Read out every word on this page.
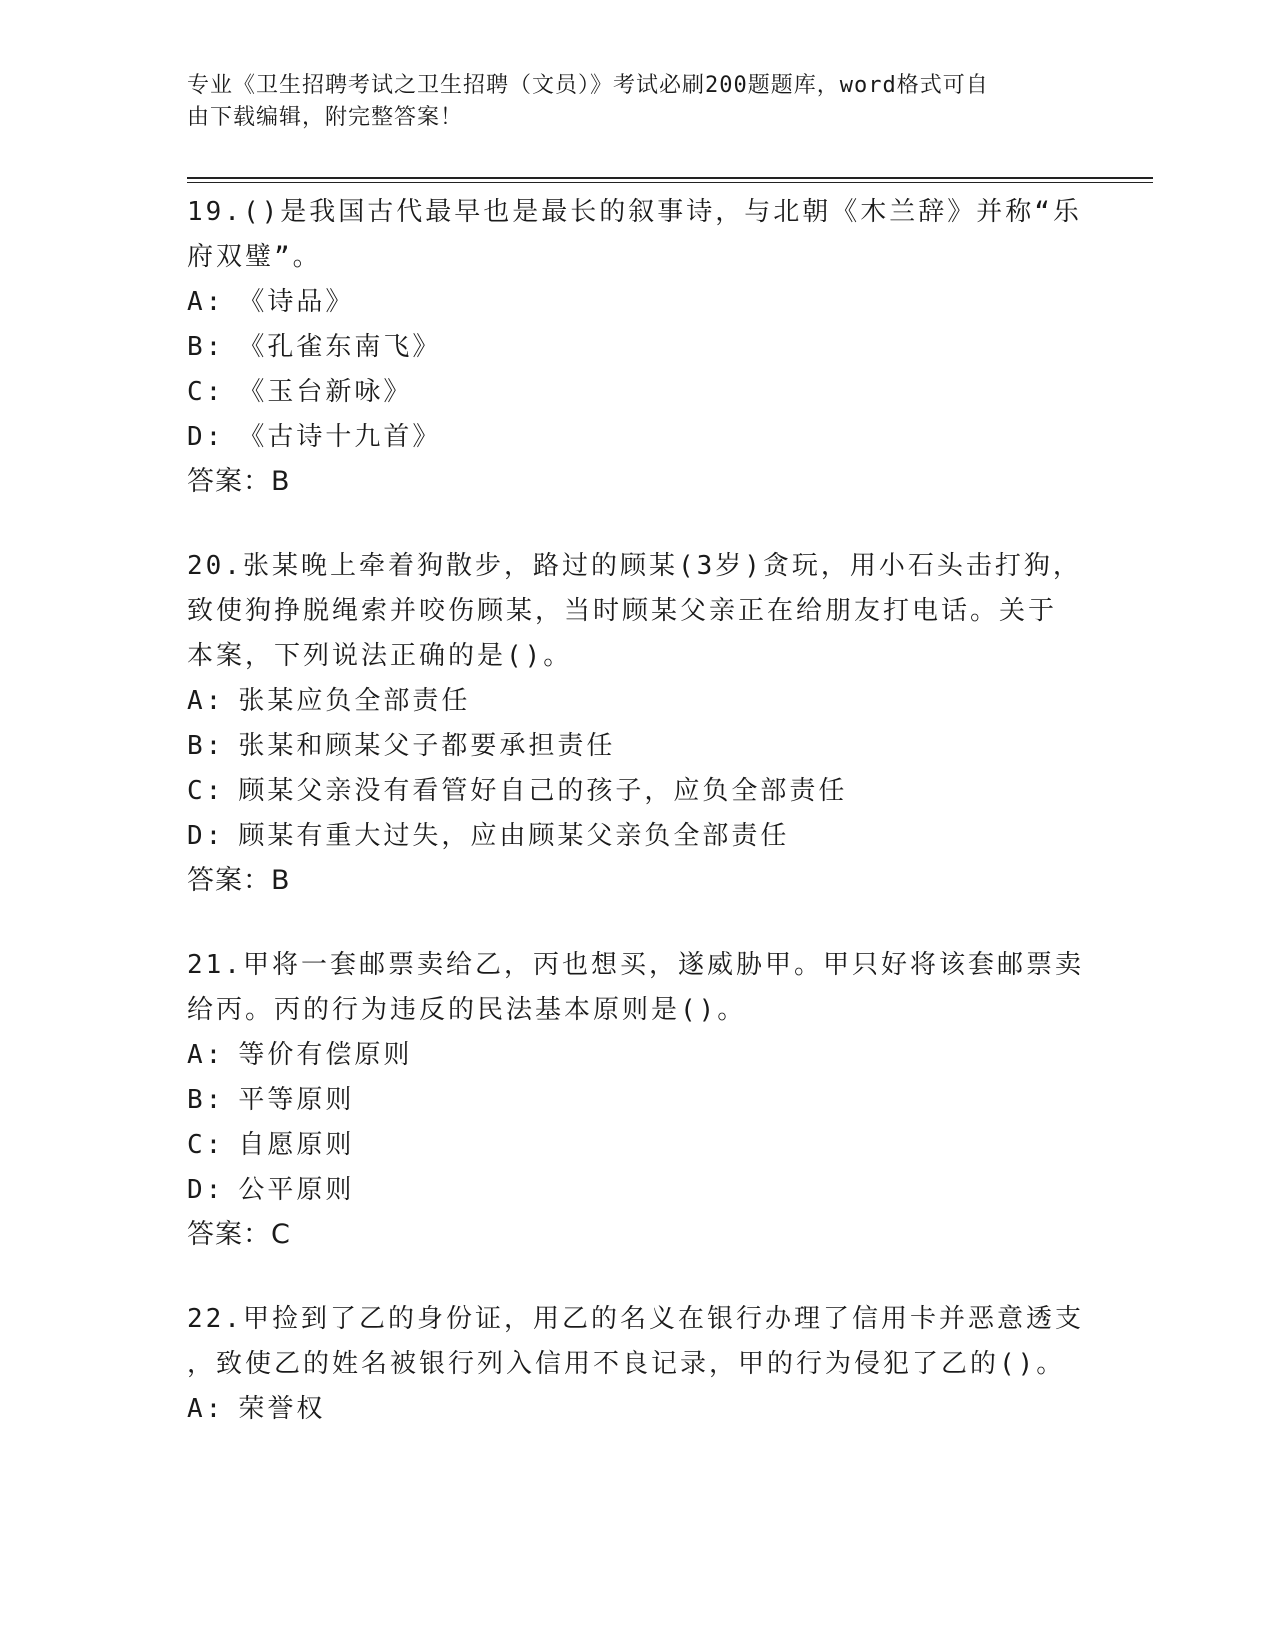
专业《卫生招聘考试之卫生招聘（文员）》考试必刷200题题库，word格式可自
由下载编辑，附完整答案！
19.()是我国古代最早也是最长的叙事诗，与北朝《木兰辞》并称“乐
府双璧”。
A: 《诗品》
B: 《孔雀东南飞》
C: 《玉台新咏》
D: 《古诗十九首》
答案：B
20.张某晚上牵着狗散步，路过的顾某(3岁)贪玩，用小石头击打狗，
致使狗挣脱绳索并咬伤顾某，当时顾某父亲正在给朋友打电话。关于
本案，下列说法正确的是()。
A: 张某应负全部责任
B: 张某和顾某父子都要承担责任
C: 顾某父亲没有看管好自己的孩子，应负全部责任
D: 顾某有重大过失，应由顾某父亲负全部责任
答案：B
21.甲将一套邮票卖给乙，丙也想买，遂威胁甲。甲只好将该套邮票卖
给丙。丙的行为违反的民法基本原则是()。
A: 等价有偿原则
B: 平等原则
C: 自愿原则
D: 公平原则
答案：C
22.甲捡到了乙的身份证，用乙的名义在银行办理了信用卡并恶意透支
，致使乙的姓名被银行列入信用不良记录，甲的行为侵犯了乙的()。
A: 荣誉权
